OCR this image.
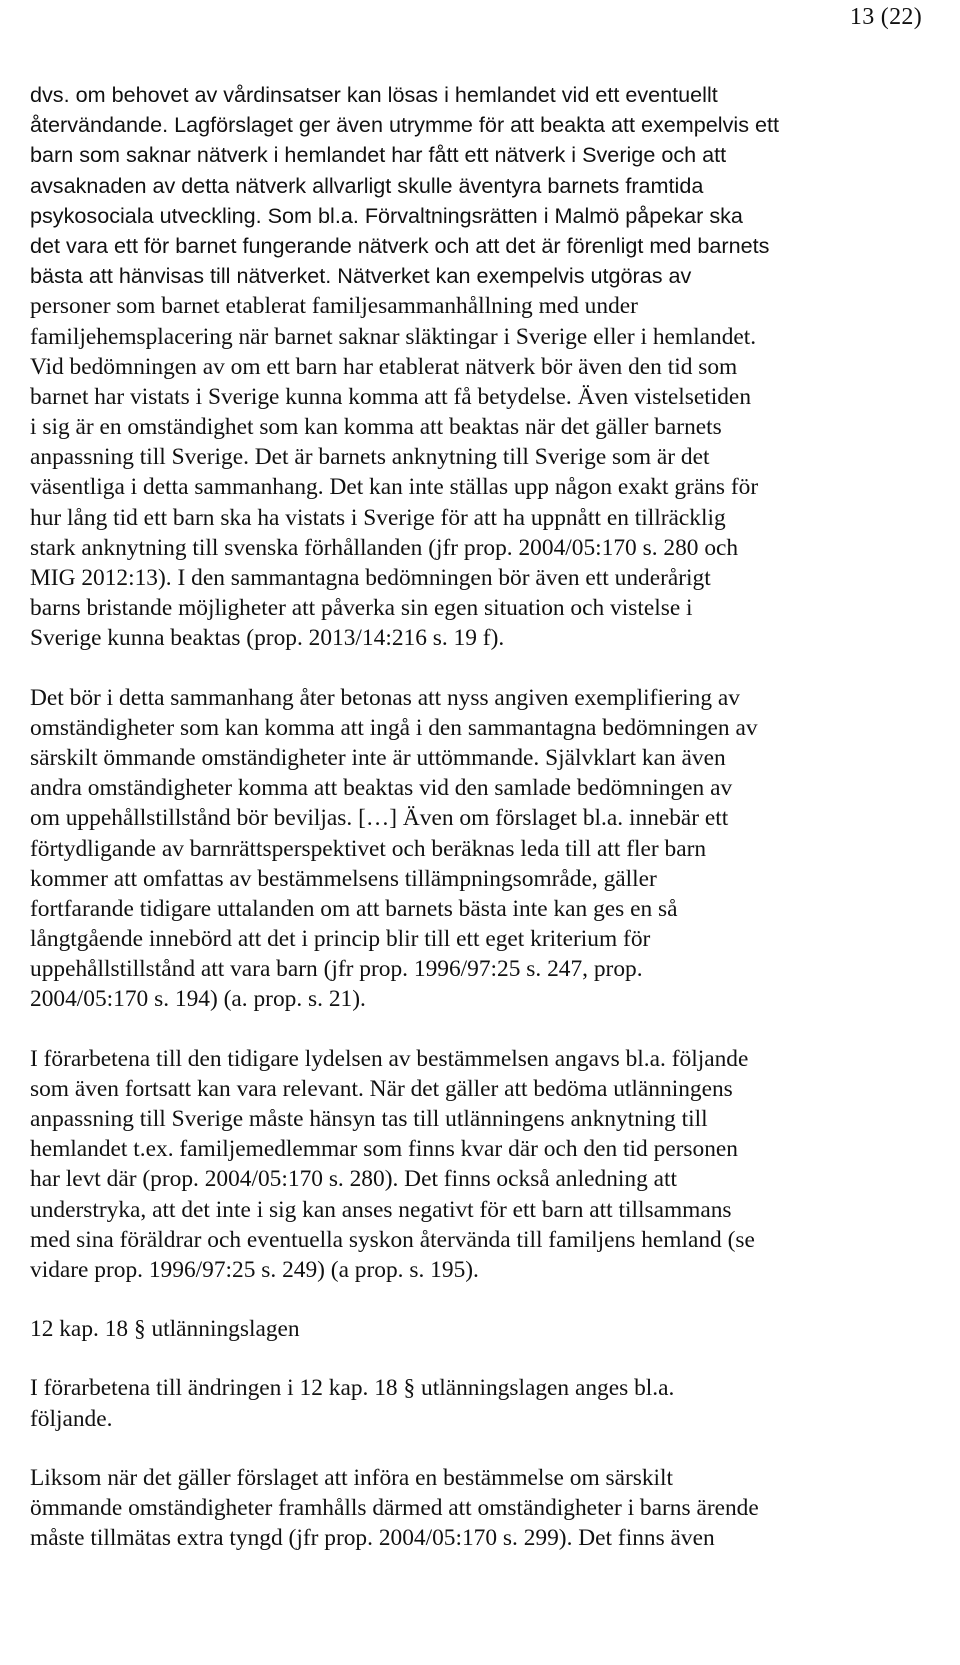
13 (22)
dvs. om behovet av vårdinsatser kan lösas i hemlandet vid ett eventuellt
återvändande. Lagförslaget ger även utrymme för att beakta att exempelvis ett
barn som saknar nätverk i hemlandet har fått ett nätverk i Sverige och att
avsaknaden av detta nätverk allvarligt skulle äventyra barnets framtida
psykosociala utveckling. Som bl.a. Förvaltningsrätten i Malmö påpekar ska
det vara ett för barnet fungerande nätverk och att det är förenligt med barnets
bästa att hänvisas till nätverket. Nätverket kan exempelvis utgöras av
personer som barnet etablerat familjesammanhållning med under
familjehemsplacering när barnet saknar släktingar i Sverige eller i hemlandet.
Vid bedömningen av om ett barn har etablerat nätverk bör även den tid som
barnet har vistats i Sverige kunna komma att få betydelse. Även vistelsetiden
i sig är en omständighet som kan komma att beaktas när det gäller barnets
anpassning till Sverige. Det är barnets anknytning till Sverige som är det
väsentliga i detta sammanhang. Det kan inte ställas upp någon exakt gräns för
hur lång tid ett barn ska ha vistats i Sverige för att ha uppnått en tillräcklig
stark anknytning till svenska förhållanden (jfr prop. 2004/05:170 s. 280 och
MIG 2012:13). I den sammantagna bedömningen bör även ett underårigt
barns bristande möjligheter att påverka sin egen situation och vistelse i
Sverige kunna beaktas (prop. 2013/14:216 s. 19 f).
Det bör i detta sammanhang åter betonas att nyss angiven exemplifiering av
omständigheter som kan komma att ingå i den sammantagna bedömningen av
särskilt ömmande omständigheter inte är uttömmande. Självklart kan även
andra omständigheter komma att beaktas vid den samlade bedömningen av
om uppehållstillstånd bör beviljas. […] Även om förslaget bl.a. innebär ett
förtydligande av barnrättsperspektivet och beräknas leda till att fler barn
kommer att omfattas av bestämmelsens tillämpningsområde, gäller
fortfarande tidigare uttalanden om att barnets bästa inte kan ges en så
långtgående innebörd att det i princip blir till ett eget kriterium för
uppehållstillstånd att vara barn (jfr prop. 1996/97:25 s. 247, prop.
2004/05:170 s. 194) (a. prop. s. 21).
I förarbetena till den tidigare lydelsen av bestämmelsen angavs bl.a. följande
som även fortsatt kan vara relevant. När det gäller att bedöma utlänningens
anpassning till Sverige måste hänsyn tas till utlänningens anknytning till
hemlandet t.ex. familjemedlemmar som finns kvar där och den tid personen
har levt där (prop. 2004/05:170 s. 280). Det finns också anledning att
understryka, att det inte i sig kan anses negativt för ett barn att tillsammans
med sina föräldrar och eventuella syskon återvända till familjens hemland (se
vidare prop. 1996/97:25 s. 249) (a prop. s. 195).
12 kap. 18 § utlänningslagen
I förarbetena till ändringen i 12 kap. 18 § utlänningslagen anges bl.a.
följande.
Liksom när det gäller förslaget att införa en bestämmelse om särskilt
ömmande omständigheter framhålls därmed att omständigheter i barns ärende
måste tillmätas extra tyngd (jfr prop. 2004/05:170 s. 299). Det finns även
